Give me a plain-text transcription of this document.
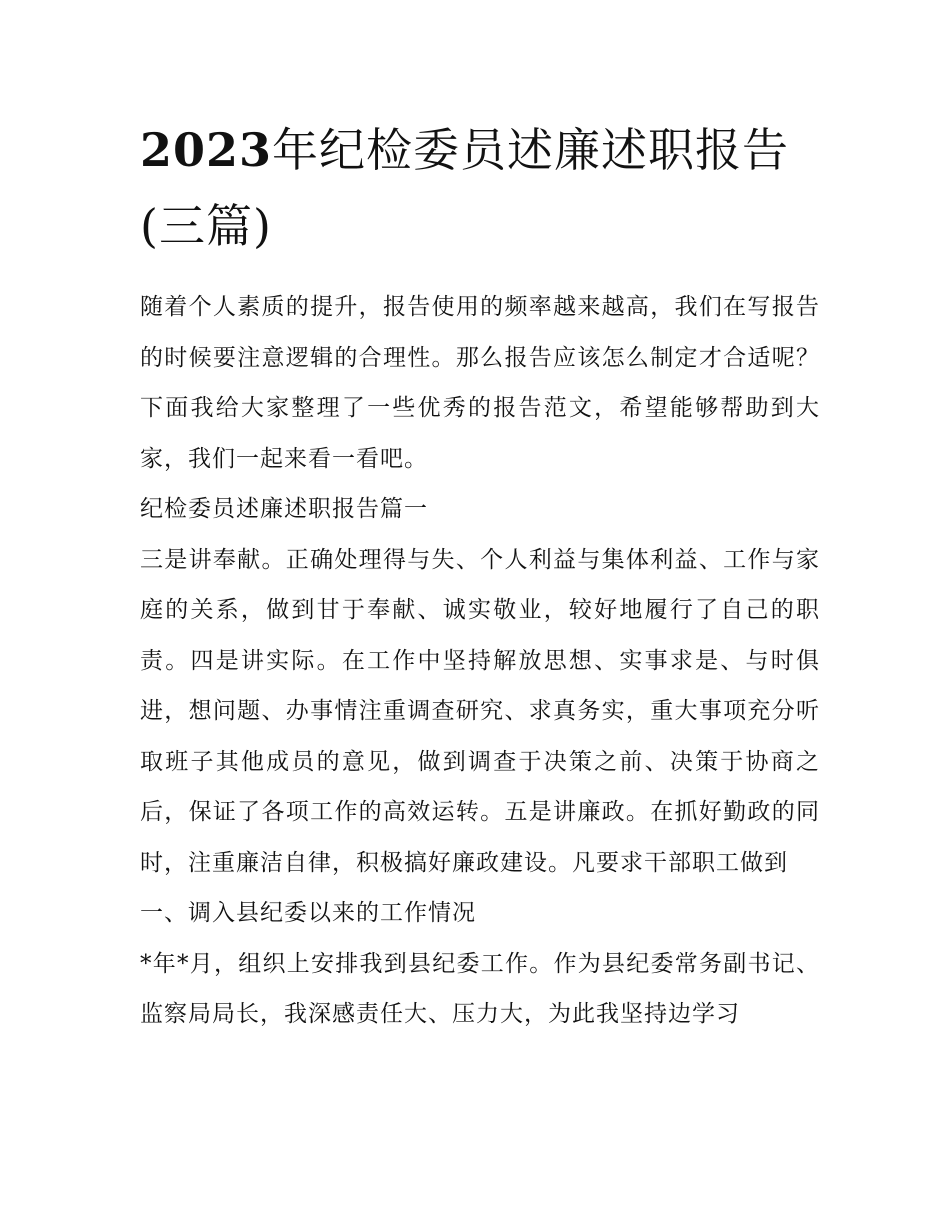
2023年纪检委员述廉述职报告
(三篇)

随着个人素质的提升，报告使用的频率越来越高，我们在写报告的时候要注意逻辑的合理性。那么报告应该怎么制定才合适呢？下面我给大家整理了一些优秀的报告范文，希望能够帮助到大家，我们一起来看一看吧。

纪检委员述廉述职报告篇一

三是讲奉献。正确处理得与失、个人利益与集体利益、工作与家庭的关系，做到甘于奉献、诚实敬业，较好地履行了自己的职责。四是讲实际。在工作中坚持解放思想、实事求是、与时俱进，想问题、办事情注重调查研究、求真务实，重大事项充分听取班子其他成员的意见，做到调查于决策之前、决策于协商之后，保证了各项工作的高效运转。五是讲廉政。在抓好勤政的同时，注重廉洁自律，积极搞好廉政建设。凡要求干部职工做到

一、调入县纪委以来的工作情况

*年*月，组织上安排我到县纪委工作。作为县纪委常务副书记、监察局局长，我深感责任大、压力大，为此我坚持边学习
